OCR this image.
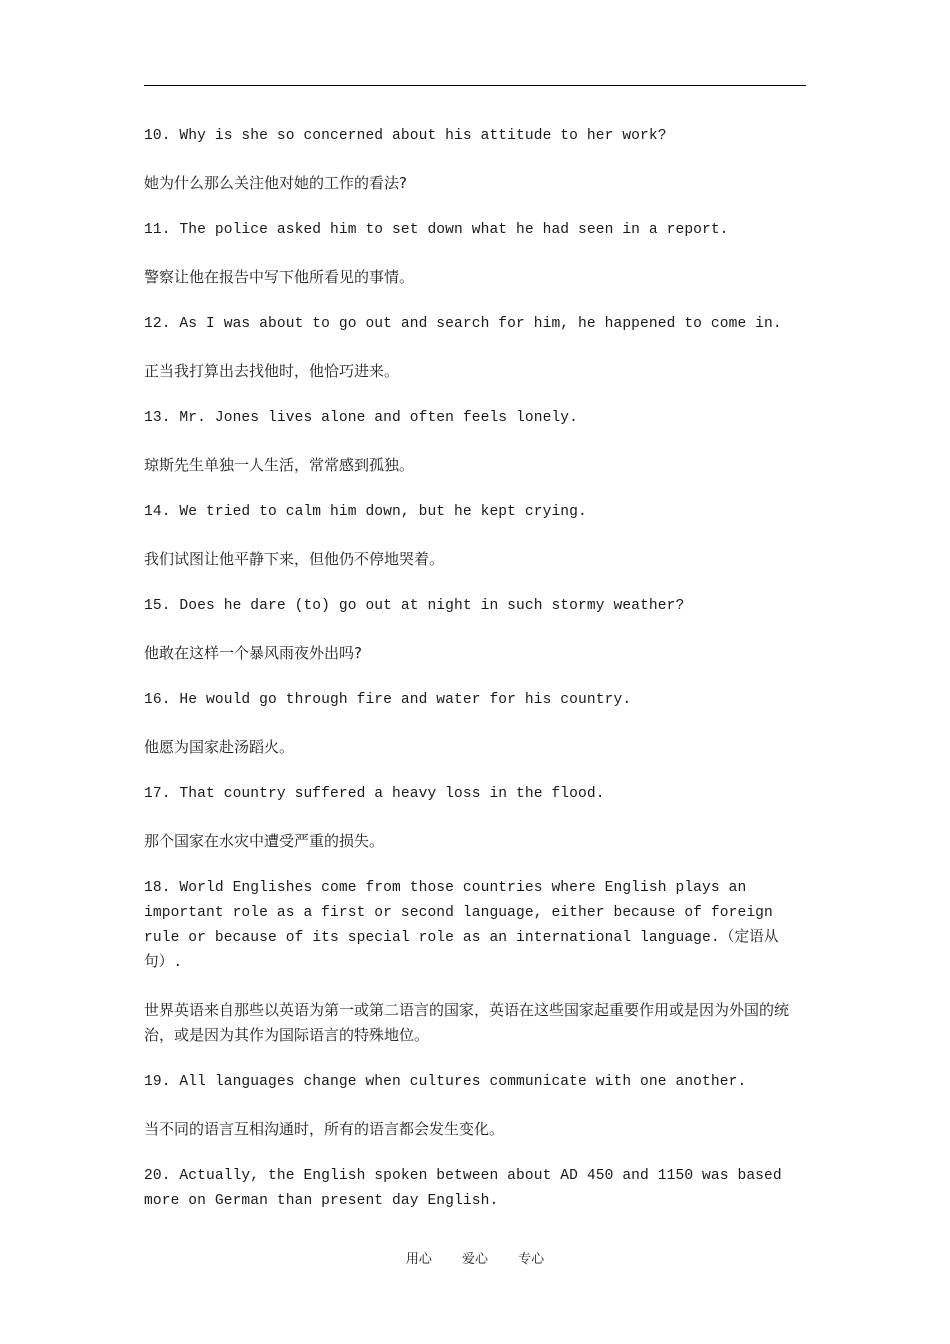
10. Why is she so concerned about his attitude to her work?

她为什么那么关注他对她的工作的看法?

11. The police asked him to set down what he had seen in a report.

警察让他在报告中写下他所看见的事情。

12. As I was about to go out and search for him, he happened to come in.

正当我打算出去找他时，他恰巧进来。

13. Mr. Jones lives alone and often feels lonely.

琼斯先生单独一人生活，常常感到孤独。

14. We tried to calm him down, but he kept crying.

我们试图让他平静下来，但他仍不停地哭着。

15. Does he dare (to) go out at night in such stormy weather?

他敢在这样一个暴风雨夜外出吗?

16. He would go through fire and water for his country.

他愿为国家赴汤蹈火。

17. That country suffered a heavy loss in the flood.

那个国家在水灾中遭受严重的损失。

18. World Englishes come from those countries where English plays an important role as a first or second language, either because of foreign rule or because of its special role as an international language.（定语从句）.

世界英语来自那些以英语为第一或第二语言的国家，英语在这些国家起重要作用或是因为外国的统治，或是因为其作为国际语言的特殊地位。

19. All languages change when cultures communicate with one another.

当不同的语言互相沟通时，所有的语言都会发生变化。

20. Actually, the English spoken between about AD 450 and 1150 was based more on German than present day English.

用心 爱心 专心
